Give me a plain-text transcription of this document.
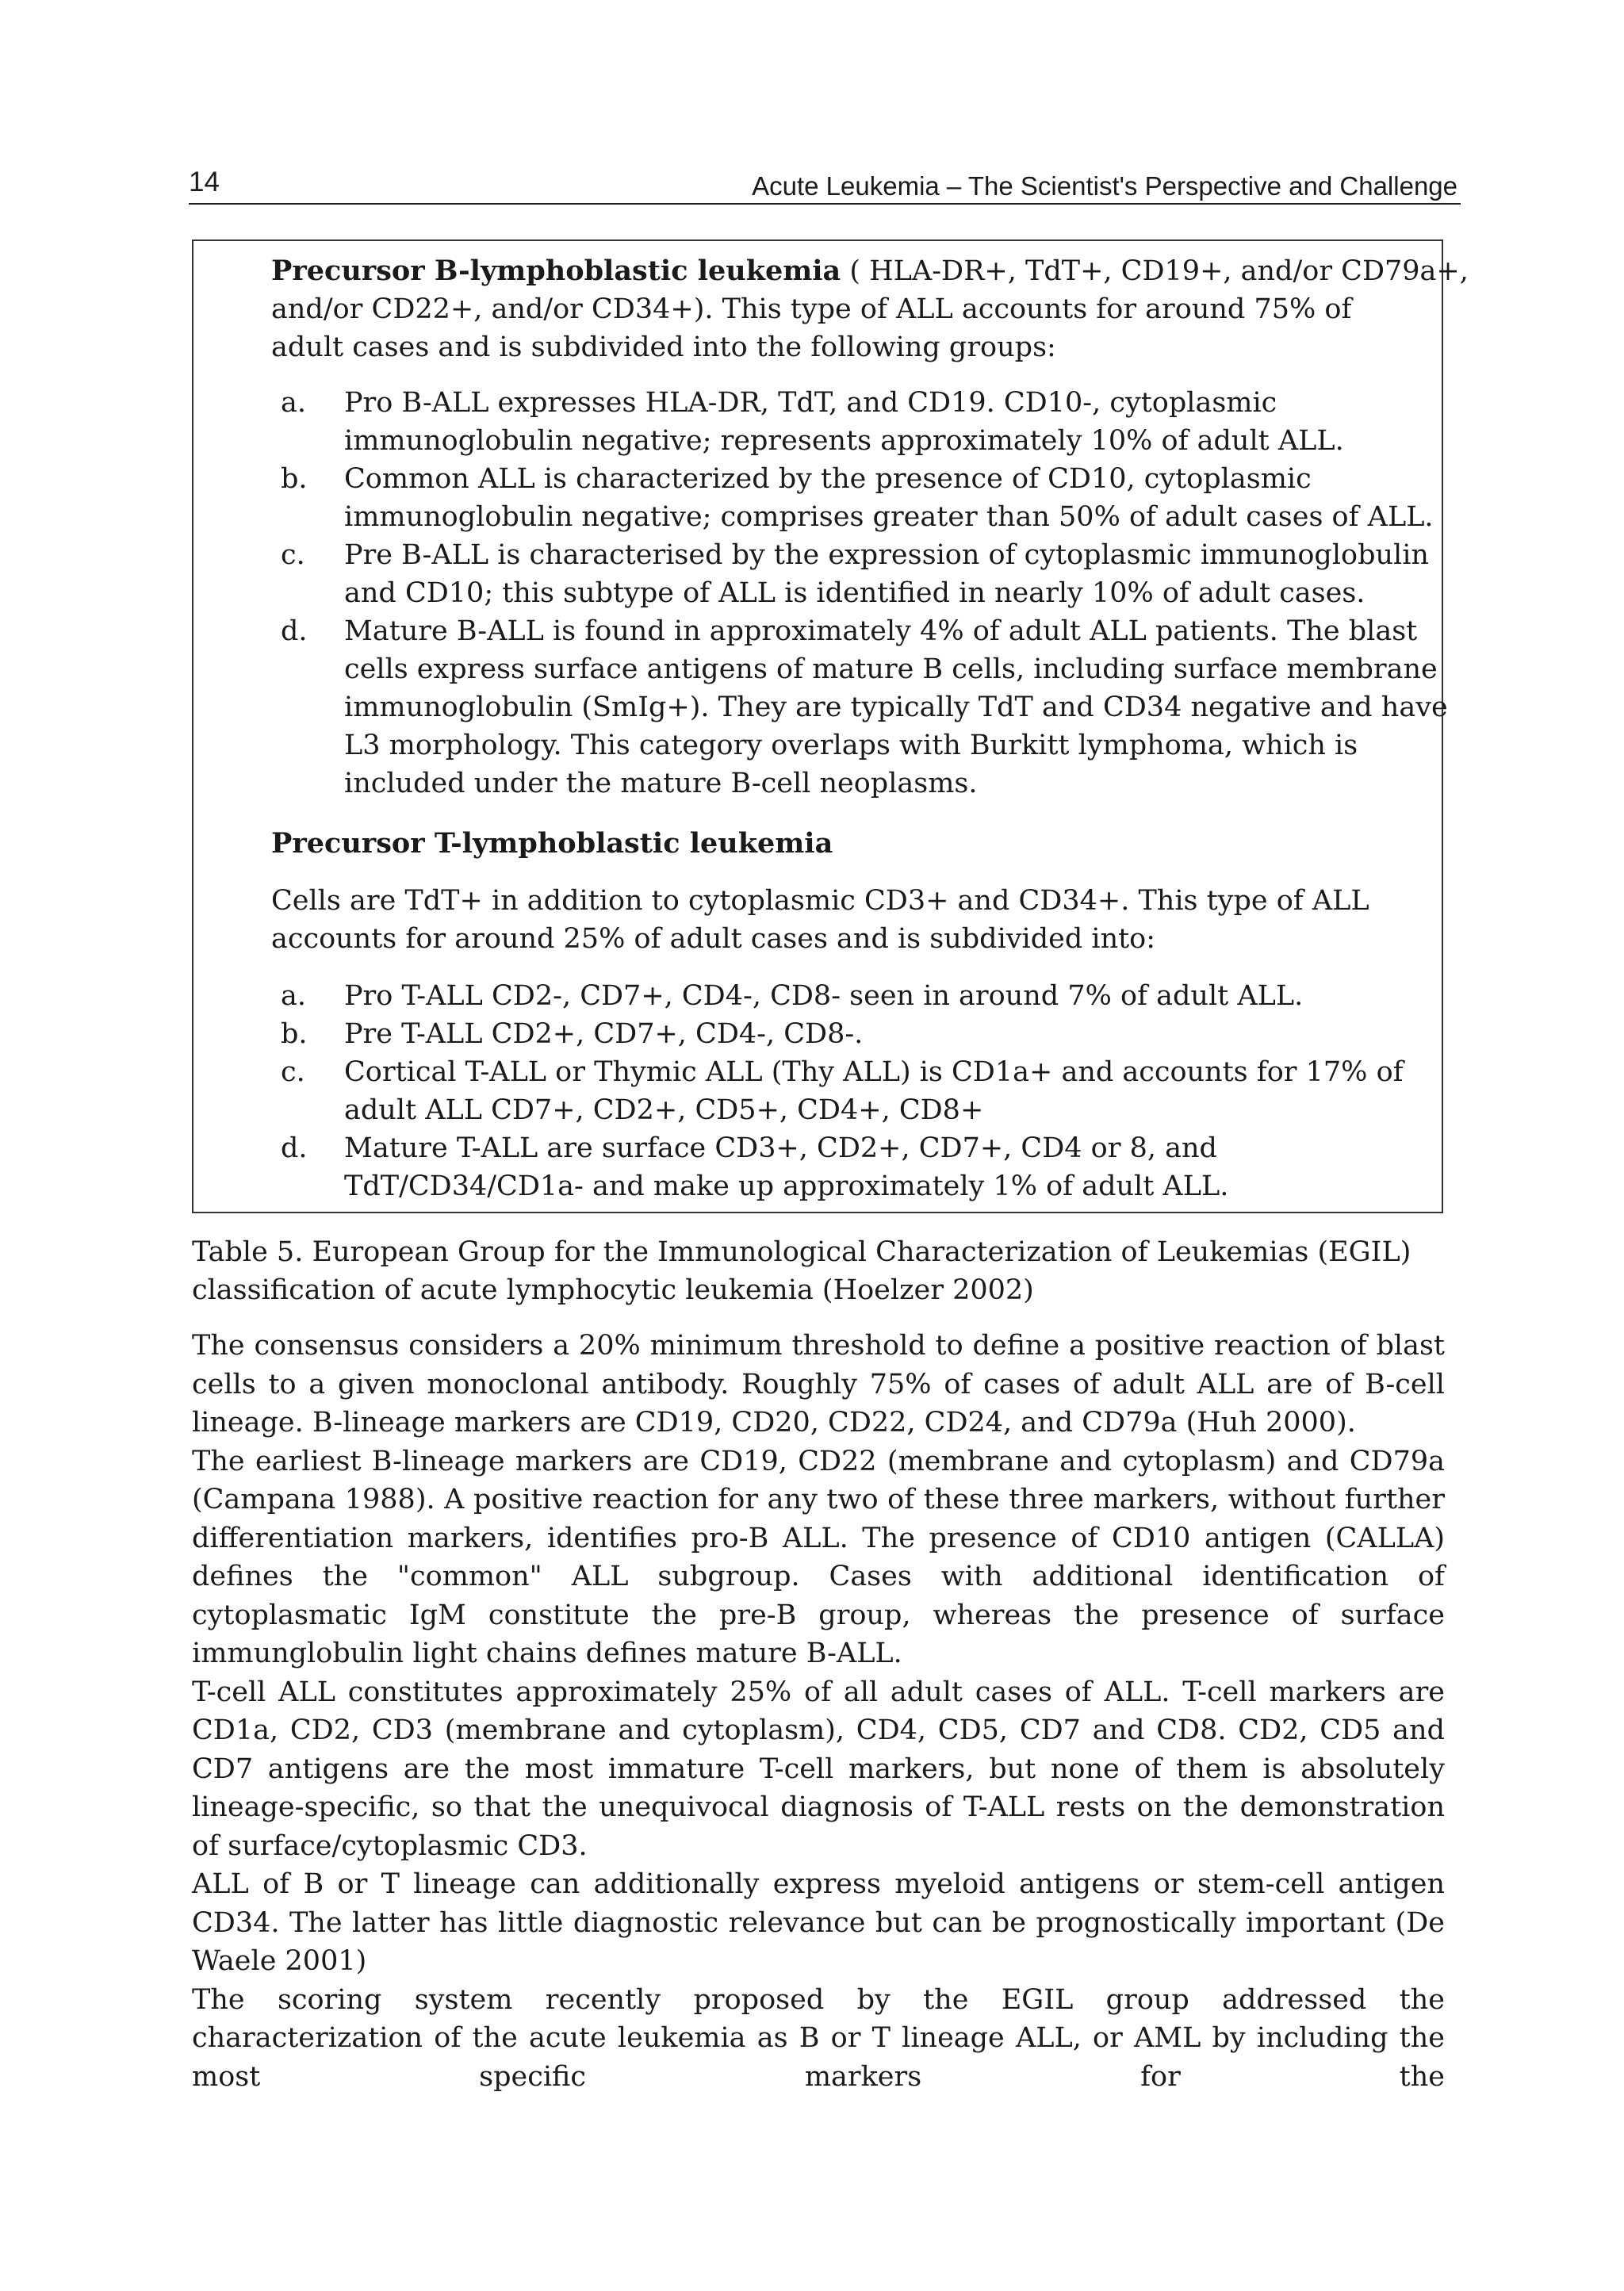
14	Acute Leukemia – The Scientist's Perspective and Challenge
Precursor B-lymphoblastic leukemia ( HLA-DR+, TdT+, CD19+, and/or CD79a+,
and/or CD22+, and/or CD34+). This type of ALL accounts for around 75% of
adult cases and is subdivided into the following groups:
a. Pro B-ALL expresses HLA-DR, TdT, and CD19. CD10-, cytoplasmic
immunoglobulin negative; represents approximately 10% of adult ALL.
b. Common ALL is characterized by the presence of CD10, cytoplasmic
immunoglobulin negative; comprises greater than 50% of adult cases of ALL.
c. Pre B-ALL is characterised by the expression of cytoplasmic immunoglobulin
and CD10; this subtype of ALL is identified in nearly 10% of adult cases.
d. Mature B-ALL is found in approximately 4% of adult ALL patients. The blast
cells express surface antigens of mature B cells, including surface membrane
immunoglobulin (SmIg+). They are typically TdT and CD34 negative and have
L3 morphology. This category overlaps with Burkitt lymphoma, which is
included under the mature B-cell neoplasms.
Precursor T-lymphoblastic leukemia
Cells are TdT+ in addition to cytoplasmic CD3+ and CD34+. This type of ALL
accounts for around 25% of adult cases and is subdivided into:
a. Pro T-ALL CD2-, CD7+, CD4-, CD8- seen in around 7% of adult ALL.
b. Pre T-ALL CD2+, CD7+, CD4-, CD8-.
c. Cortical T-ALL or Thymic ALL (Thy ALL) is CD1a+ and accounts for 17% of
adult ALL CD7+, CD2+, CD5+, CD4+, CD8+
d. Mature T-ALL are surface CD3+, CD2+, CD7+, CD4 or 8, and
TdT/CD34/CD1a- and make up approximately 1% of adult ALL.
Table 5. European Group for the Immunological Characterization of Leukemias (EGIL)
classification of acute lymphocytic leukemia (Hoelzer 2002)

The consensus considers a 20% minimum threshold to define a positive reaction of blast cells to a given monoclonal antibody. Roughly 75% of cases of adult ALL are of B-cell lineage. B-lineage markers are CD19, CD20, CD22, CD24, and CD79a (Huh 2000).

The earliest B-lineage markers are CD19, CD22 (membrane and cytoplasm) and CD79a (Campana 1988). A positive reaction for any two of these three markers, without further differentiation markers, identifies pro-B ALL. The presence of CD10 antigen (CALLA) defines the "common" ALL subgroup. Cases with additional identification of cytoplasmatic IgM constitute the pre-B group, whereas the presence of surface immunglobulin light chains defines mature B-ALL.

T-cell ALL constitutes approximately 25% of all adult cases of ALL. T-cell markers are CD1a, CD2, CD3 (membrane and cytoplasm), CD4, CD5, CD7 and CD8. CD2, CD5 and CD7 antigens are the most immature T-cell markers, but none of them is absolutely lineage-specific, so that the unequivocal diagnosis of T-ALL rests on the demonstration of surface/cytoplasmic CD3.

ALL of B or T lineage can additionally express myeloid antigens or stem-cell antigen CD34. The latter has little diagnostic relevance but can be prognostically important (De Waele 2001)

The scoring system recently proposed by the EGIL group addressed the characterization of the acute leukemia as B or T lineage ALL, or AML by including the most specific markers for the
